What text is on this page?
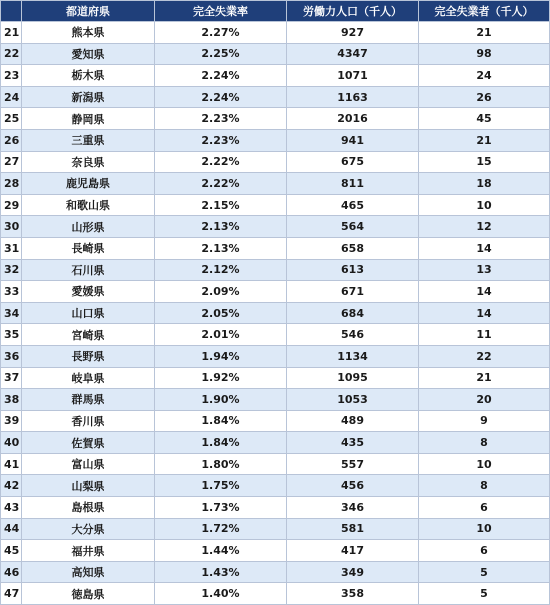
	都道府県	完全失業率	労働力人口（千人）	完全失業者（千人）
21	熊本県	2.27%	927	21
22	愛知県	2.25%	4347	98
23	栃木県	2.24%	1071	24
24	新潟県	2.24%	1163	26
25	静岡県	2.23%	2016	45
26	三重県	2.23%	941	21
27	奈良県	2.22%	675	15
28	鹿児島県	2.22%	811	18
29	和歌山県	2.15%	465	10
30	山形県	2.13%	564	12
31	長崎県	2.13%	658	14
32	石川県	2.12%	613	13
33	愛媛県	2.09%	671	14
34	山口県	2.05%	684	14
35	宮崎県	2.01%	546	11
36	長野県	1.94%	1134	22
37	岐阜県	1.92%	1095	21
38	群馬県	1.90%	1053	20
39	香川県	1.84%	489	9
40	佐賀県	1.84%	435	8
41	富山県	1.80%	557	10
42	山梨県	1.75%	456	8
43	島根県	1.73%	346	6
44	大分県	1.72%	581	10
45	福井県	1.44%	417	6
46	高知県	1.43%	349	5
47	徳島県	1.40%	358	5
